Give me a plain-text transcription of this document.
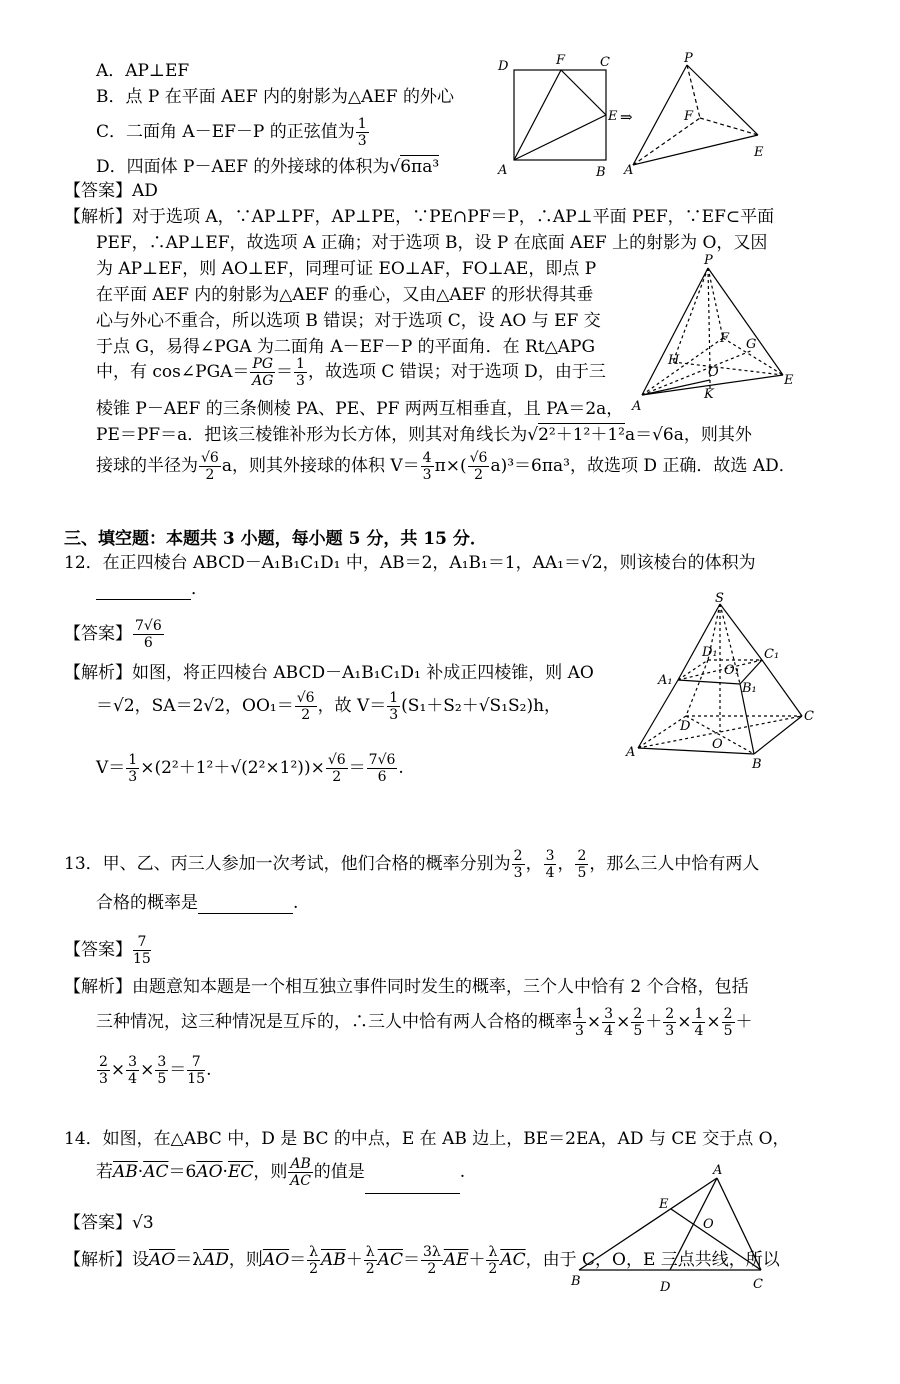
A．AP⊥EF
B．点 P 在平面 AEF 内的射影为△AEF 的外心
C．二面角 A－EF－P 的正弦值为 $\frac{1}{3}$
D．四面体 P－AEF 的外接球的体积为√6πa³
【答案】AD
【解析】对于选项 A，∵AP⊥PF，AP⊥PE，∵PE∩PF＝P，∴AP⊥平面 PEF，∵EF⊂平面
PEF，∴AP⊥EF，故选项 A 正确；对于选项 B，设 P 在底面 AEF 上的射影为 O，又因
为 AP⊥EF，则 AO⊥EF，同理可证 EO⊥AF，FO⊥AE，即点 P
在平面 AEF 内的射影为△AEF 的垂心，又由△AEF 的形状得其垂
心与外心不重合，所以选项 B 错误；对于选项 C，设 AO 与 EF 交
于点 G，易得∠PGA 为二面角 A－EF－P 的平面角．在 Rt△APG
中，有 cos∠PGA＝ $\frac{PG}{AG} = \frac{1}{3}$ ，故选项 C 错误；对于选项 D，由于三
棱锥 P－AEF 的三条侧棱 PA、PE、PF 两两互相垂直，且 PA＝2a，
PE＝PF＝a．把该三棱锥补形为长方体，则其对角线长为√2²＋1²＋1²a＝√6a，则其外
接球的半径为 $\frac{√6}{2}$ a，则其外接球的体积 $V= \frac{4}{3} \pi\times( \frac{√6}{2} a)^3=6\pi a^3$，故选项 D 正确．故选 AD．
三、填空题：本题共 3 小题，每小题 5 分，共 15 分．
12．在正四棱台 ABCD－A₁B₁C₁D₁ 中，AB＝2，A₁B₁＝1，AA₁＝√2，则该棱台的体积为
．
【答案】 $\frac{7√6}{6}$
【解析】如图，将正四棱台 ABCD－A₁B₁C₁D₁ 补成正四棱锥，则 AO
＝√2，SA＝2√2，$OO_1= \frac{√6}{2}$ ，故 $V= \frac{1}{3} (S_1+S_2+√S_1S_2)h$，
$V= \frac{1}{3} \times(2^2+1^2+√(2^2\times 1^2))\times \frac{√6}{2} = \frac{7√6}{6}$ .
13．甲、乙、丙三人参加一次考试，他们合格的概率分别为 $\frac{2}{3}$ ， $\frac{3}{4}$ ， $\frac{2}{5}$ ，那么三人中恰有两人
合格的概率是	.
【答案】 $\frac{7}{15}$
【解析】由题意知本题是一个相互独立事件同时发生的概率，三个人中恰有 2 个合格，包括
三种情况，这三种情况是互斥的，∴三人中恰有两人合格的概率 $\frac{1}{3} \times \frac{3}{4} \times \frac{2}{5} + \frac{2}{3} \times \frac{1}{4} \times \frac{2}{5}$ ＋
$\frac{2}{3} \times \frac{3}{4} \times \frac{3}{5} = \frac{7}{15}$ .
14．如图，在△ABC 中，D 是 BC 的中点，E 在 AB 边上，BE＝2EA，AD 与 CE 交于点 O，
若$\overline{AB}\cdot\overline{AC}=6\overline{AO}\cdot\overline{EC}$，则 $\frac{AB}{AC}$ 的值是	.
【答案】√3
【解析】设$\overline{AO}=\lambda\overline{AD}$，则$\overline{AO}= \frac{\lambda}{2} \overline{AB}+ \frac{\lambda}{2} \overline{AC}= \frac{3\lambda}{2} \overline{AE}+ \frac{\lambda}{2} \overline{AC}$，由于 C，O，E 三点共线，所以
D	F	C
E
A	B
⇒
P
F
E
A
P
F G
H
O
K
A
E
S
D₁
O₁
C₁
A₁
B₁
D
O
C
A
B
A
E
O
B	D	C
